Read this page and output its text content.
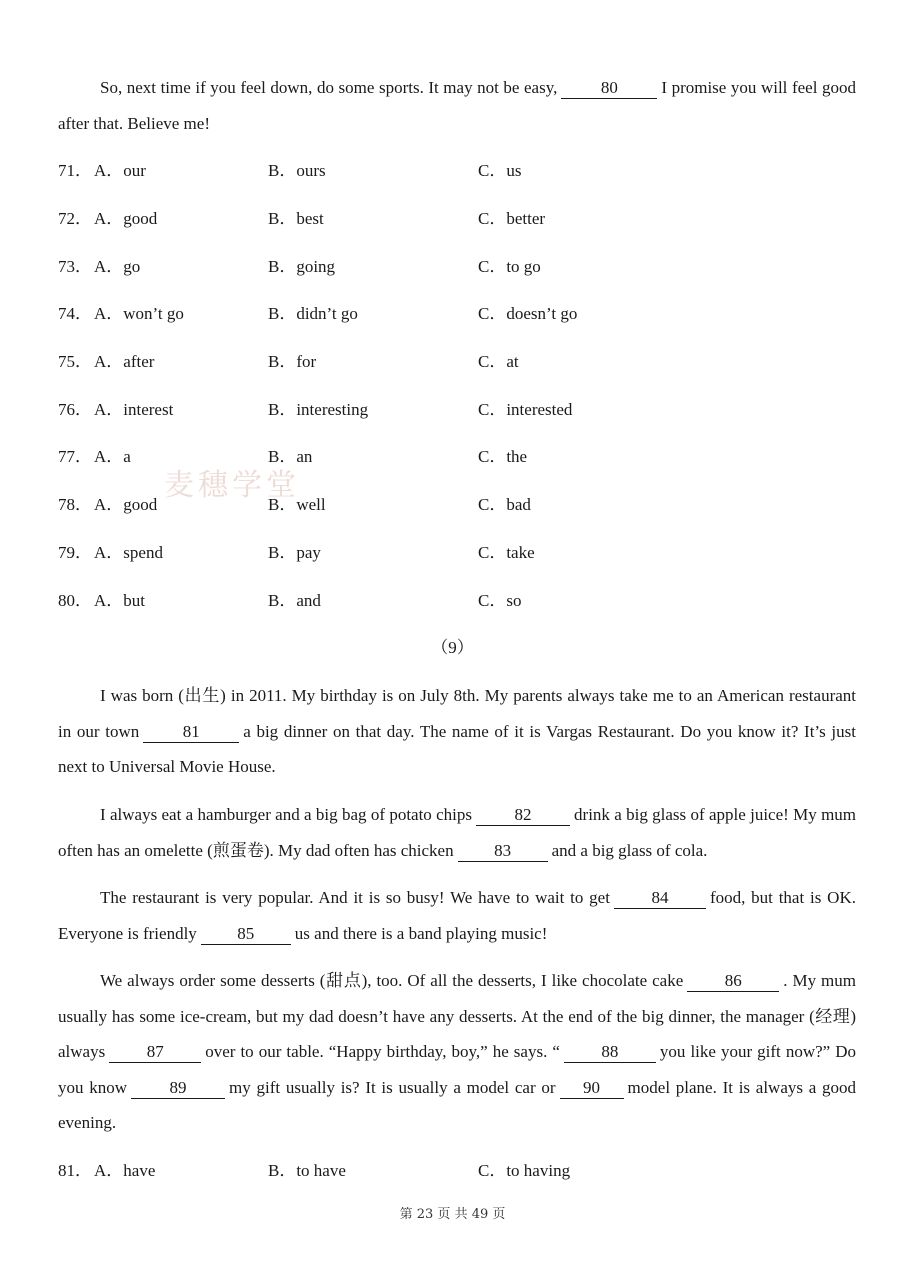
So, next time if you feel down, do some sports. It may not be easy,	80	I promise you will feel good after that. Believe me!

71． A．our	B．ours	C．us
72． A．good	B．best	C．better
73． A．go	B．going	C．to go
74． A．won’t go	B．didn’t go	C．doesn’t go
75． A．after	B．for	C．at
76． A．interest	B．interesting	C．interested
77． A．a	B．an	C．the
78． A．good	B．well	C．bad
79． A．spend	B．pay	C．take
80． A．but	B．and	C．so
麦穗学堂
（9）

I was born (出生) in 2011. My birthday is on July 8th. My parents always take me to an American restaurant in our town	81	a big dinner on that day. The name of it is Vargas Restaurant. Do you know it? It’s just next to Universal Movie House.

I always eat a hamburger and a big bag of potato chips	82	drink a big glass of apple juice! My mum often has an omelette (煎蛋卷). My dad often has chicken 83 and a big glass of cola.

The restaurant is very popular. And it is so busy! We have to wait to get 84 food, but that is OK. Everyone is friendly 85 us and there is a band playing music!

We always order some desserts (甜点), too. Of all the desserts, I like chocolate cake 86 . My mum usually has some ice-cream, but my dad doesn’t have any desserts. At the end of the big dinner, the manager (经理) always 87 over to our table. “Happy birthday, boy,” he says. “ 88 you like your gift now?” Do you know	89	my gift usually is? It is usually a model car or 90 model plane. It is always a good evening.

81． A．have	B．to have	C．to having
第 23 页 共 49 页
